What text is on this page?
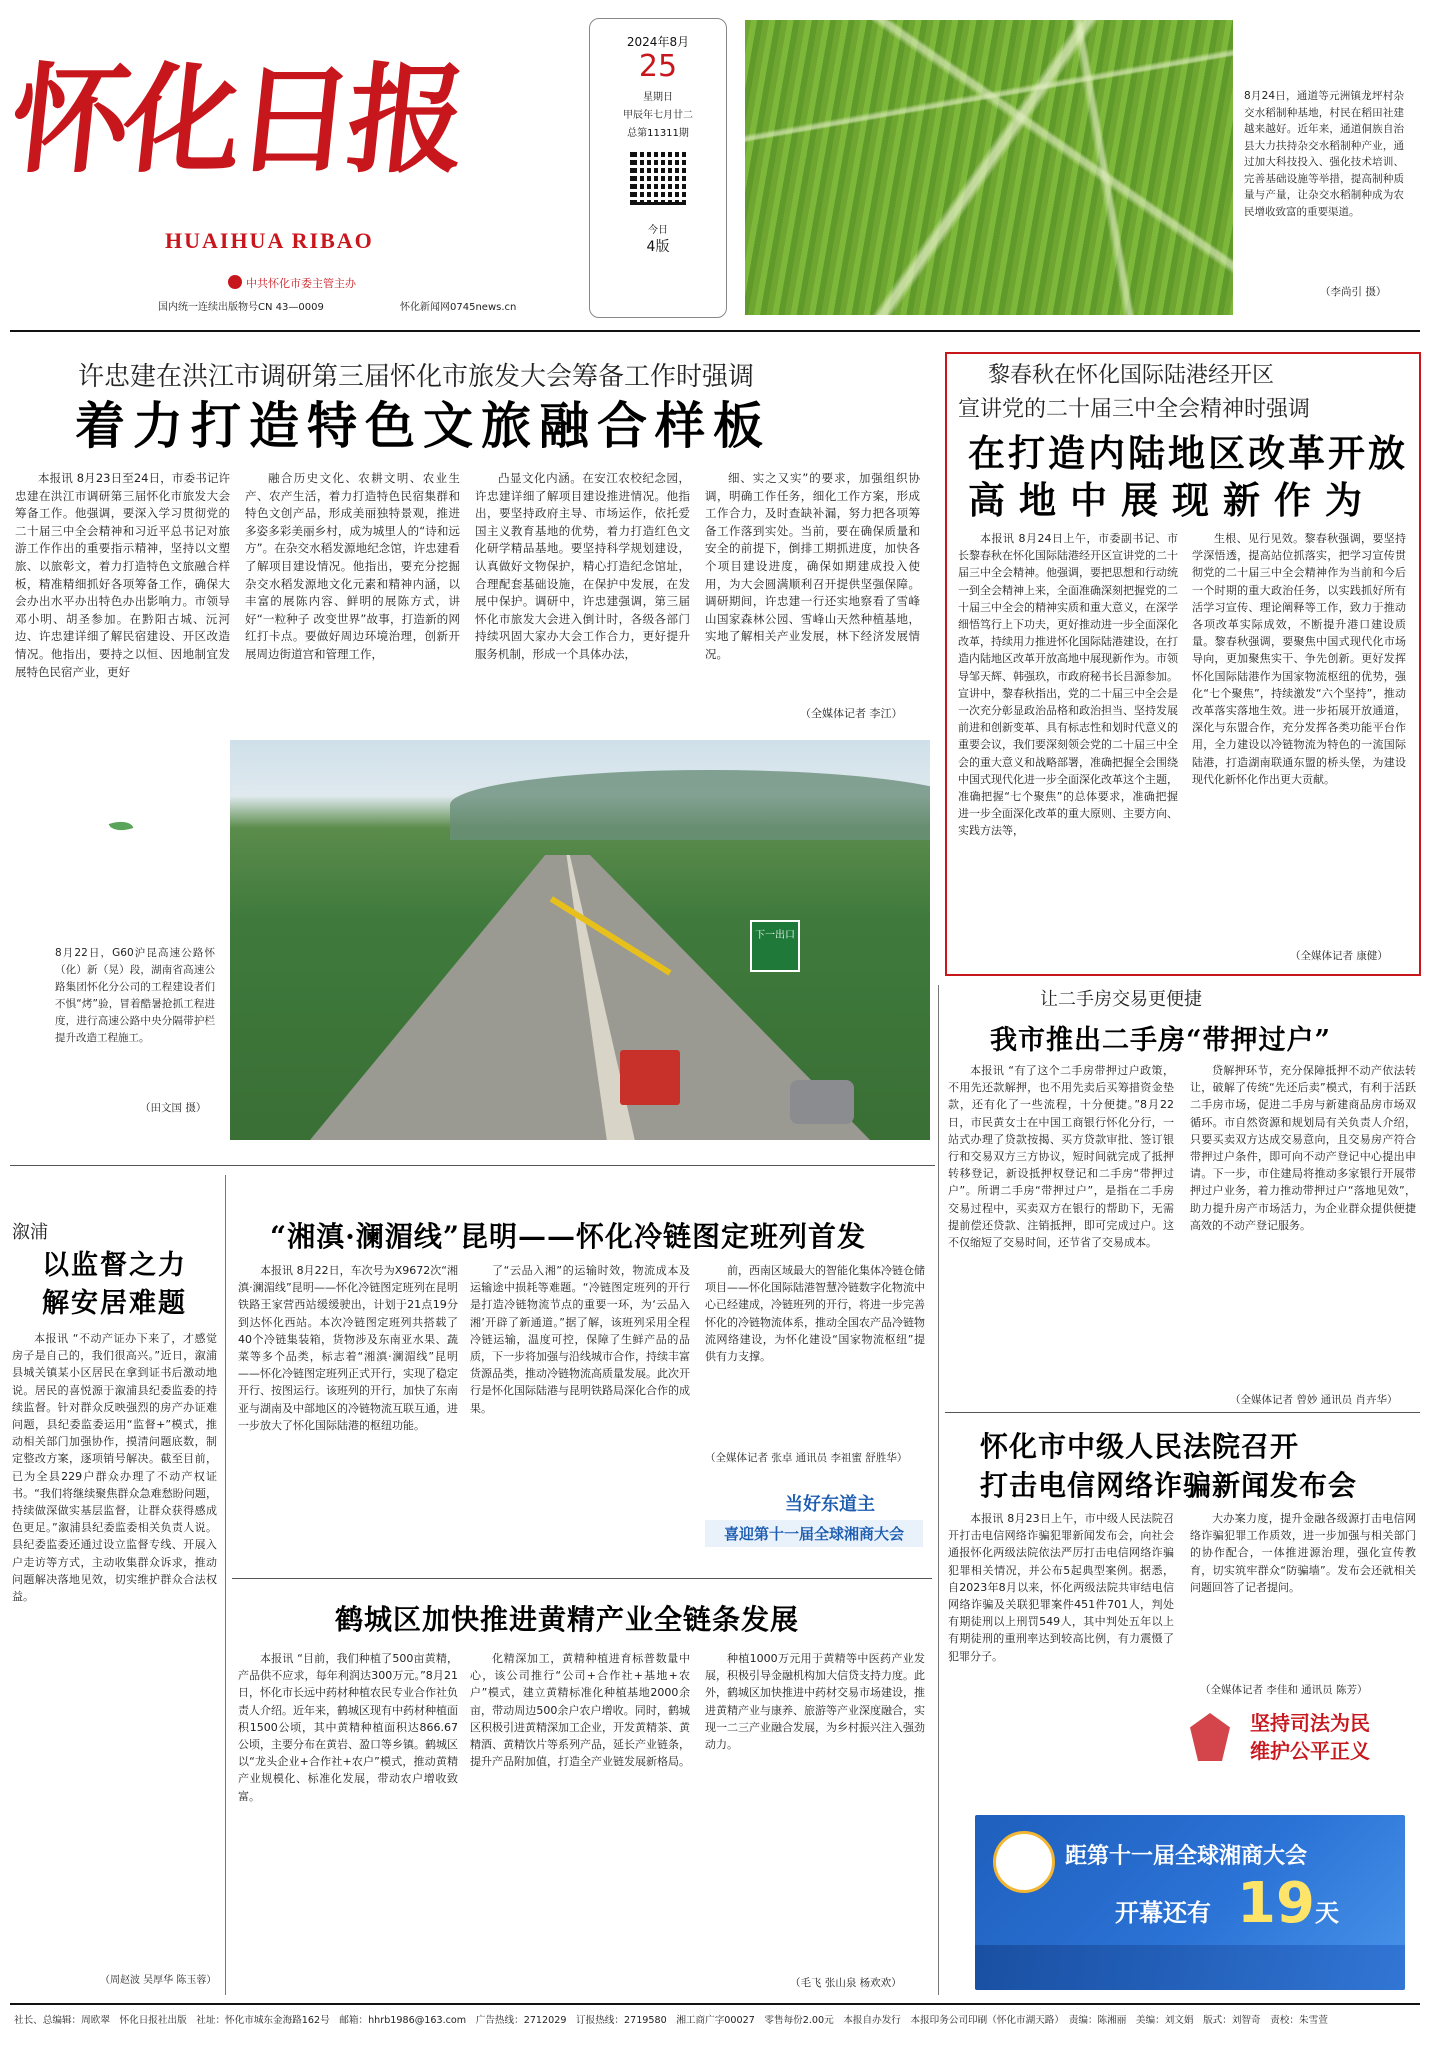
怀化日报
HUAIHUA RIBAO
中共怀化市委主管主办
国内统一连续出版物号CN 43—0009	怀化新闻网0745news.cn
2024年8月
25
星期日
甲辰年七月廿二
总第11311期
今日
4版
8月24日，通道等元洲镇龙坪村杂交水稻制种基地，村民在稻田社建越来越好。近年来，通道侗族自治县大力扶持杂交水稻制种产业，通过加大科技投入、强化技术培训、完善基础设施等举措，提高制种质量与产量，让杂交水稻制种成为农民增收致富的重要渠道。
（李尚引 摄）
许忠建在洪江市调研第三届怀化市旅发大会筹备工作时强调
着力打造特色文旅融合样板

本报讯 8月23日至24日，市委书记许忠建在洪江市调研第三届怀化市旅发大会筹备工作。他强调，要深入学习贯彻党的二十届三中全会精神和习近平总书记对旅游工作作出的重要指示精神，坚持以文塑旅、以旅彰文，着力打造特色文旅融合样板，精准精细抓好各项筹备工作，确保大会办出水平办出特色办出影响力。市领导邓小明、胡圣参加。在黔阳古城、沅河边、许忠建详细了解民宿建设、开区改造情况。他指出，要持之以恒、因地制宜发展特色民宿产业，更好

融合历史文化、农耕文明、农业生产、农产生活，着力打造特色民宿集群和特色文创产品，形成美丽独特景观，推进多姿多彩美丽乡村，成为城里人的“诗和远方”。在杂交水稻发源地纪念馆，许忠建看了解项目建设情况。他指出，要充分挖掘杂交水稻发源地文化元素和精神内涵，以丰富的展陈内容、鲜明的展陈方式，讲好“一粒种子 改变世界”故事，打造新的网红打卡点。要做好周边环境治理，创新开展周边街道宫和管理工作，

凸显文化内涵。在安江农校纪念园，许忠建详细了解项目建设推进情况。他指出，要坚持政府主导、市场运作，依托爱国主义教育基地的优势，着力打造红色文化研学精品基地。要坚持科学规划建设，认真做好文物保护，精心打造纪念馆址，合理配套基础设施，在保护中发展，在发展中保护。调研中，许忠建强调，第三届怀化市旅发大会进入倒计时，各级各部门持续巩固大家办大会工作合力，更好提升服务机制，形成一个具体办法，

细、实之又实”的要求，加强组织协调，明确工作任务，细化工作方案，形成工作合力，及时查缺补漏，努力把各项筹备工作落到实处。当前，要在确保质量和安全的前提下，倒排工期抓进度，加快各个项目建设进度，确保如期建成投入使用，为大会圆满顺利召开提供坚强保障。调研期间，许忠建一行还实地察看了雪峰山国家森林公园、雪峰山天然种植基地，实地了解相关产业发展，林下经济发展情况。

（全媒体记者 李江）
黎春秋在怀化国际陆港经开区
宣讲党的二十届三中全会精神时强调
在打造内陆地区改革开放
高地中展现新作为

本报讯 8月24日上午，市委副书记、市长黎春秋在怀化国际陆港经开区宣讲党的二十届三中全会精神。他强调，要把思想和行动统一到全会精神上来，全面准确深刻把握党的二十届三中全会的精神实质和重大意义，在深学细悟笃行上下功夫，更好推动进一步全面深化改革，持续用力推进怀化国际陆港建设，在打造内陆地区改革开放高地中展现新作为。市领导邹天辉、韩强玖，市政府秘书长吕源参加。宣讲中，黎春秋指出，党的二十届三中全会是一次充分彰显政治品格和政治担当、坚持发展前进和创新变革、具有标志性和划时代意义的重要会议，我们要深刻领会党的二十届三中全会的重大意义和战略部署，准确把握全会围绕中国式现代化进一步全面深化改革这个主题，准确把握“七个聚焦”的总体要求，准确把握进一步全面深化改革的重大原则、主要方向、实践方法等，

生根、见行见效。黎春秋强调，要坚持学深悟透，提高站位抓落实，把学习宣传贯彻党的二十届三中全会精神作为当前和今后一个时期的重大政治任务，以实践抓好所有活学习宣传、理论阐释等工作，致力于推动各项改革实际成效，不断提升港口建设质量。黎春秋强调，要聚焦中国式现代化市场导向，更加聚焦实干、争先创新。更好发挥怀化国际陆港作为国家物流枢纽的优势，强化“七个聚焦”，持续激发“六个坚持”，推动改革落实落地生效。进一步拓展开放通道，深化与东盟合作，充分发挥各类功能平台作用，全力建设以冷链物流为特色的一流国际陆港，打造湖南联通东盟的桥头堡，为建设现代化新怀化作出更大贡献。

（全媒体记者 康健）
下一出口
8月22日，G60沪昆高速公路怀（化）新（晃）段，湖南省高速公路集团怀化分公司的工程建设者们不惧“烤”验，冒着酷暑抢抓工程进度，进行高速公路中央分隔带护栏提升改造工程施工。
（田文国 摄）
让二手房交易更便捷
我市推出二手房“带押过户”

本报讯 “有了这个二手房带押过户政策，不用先还款解押，也不用先卖后买筹措资金垫款，还有化了一些流程，十分便捷。”8月22日，市民黄女士在中国工商银行怀化分行，一站式办理了贷款按揭、买方贷款审批、签订银行和交易双方三方协议，短时间就完成了抵押转移登记，新设抵押权登记和二手房“带押过户”。所谓二手房“带押过户”，是指在二手房交易过程中，买卖双方在银行的帮助下，无需提前偿还贷款、注销抵押，即可完成过户。这不仅缩短了交易时间，还节省了交易成本。

贷解押环节，充分保障抵押不动产依法转让，破解了传统“先还后卖”模式，有利于活跃二手房市场，促进二手房与新建商品房市场双循环。市自然资源和规划局有关负责人介绍，只要买卖双方达成交易意向，且交易房产符合带押过户条件，即可向不动产登记中心提出申请。下一步，市住建局将推动多家银行开展带押过户业务，着力推动带押过户“落地见效”，助力提升房产市场活力，为企业群众提供便捷高效的不动产登记服务。

（全媒体记者 曾妙 通讯员 肖卉华）
溆浦
以监督之力
解安居难题

本报讯 “不动产证办下来了，才感觉房子是自己的，我们很高兴。”近日，溆浦县城关镇某小区居民在拿到证书后激动地说。居民的喜悦源于溆浦县纪委监委的持续监督。针对群众反映强烈的房产办证难问题，县纪委监委运用“监督+”模式，推动相关部门加强协作，摸清问题底数，制定整改方案，逐项销号解决。截至目前，已为全县229户群众办理了不动产权证书。“我们将继续聚焦群众急难愁盼问题，持续做深做实基层监督，让群众获得感成色更足。”溆浦县纪委监委相关负责人说。县纪委监委还通过设立监督专线、开展入户走访等方式，主动收集群众诉求，推动问题解决落地见效，切实维护群众合法权益。

（周赵波 吴厚华 陈玉蓉）
“湘滇·澜湄线”昆明——怀化冷链图定班列首发

本报讯 8月22日，车次号为X9672次“湘滇·澜湄线”昆明——怀化冷链图定班列在昆明铁路王家营西站缓缓驶出，计划于21点19分到达怀化西站。本次冷链图定班列共搭载了40个冷链集装箱，货物涉及东南亚水果、蔬菜等多个品类，标志着“湘滇·澜湄线”昆明——怀化冷链图定班列正式开行，实现了稳定开行、按图运行。该班列的开行，加快了东南亚与湖南及中部地区的冷链物流互联互通，进一步放大了怀化国际陆港的枢纽功能。

了“云品入湘”的运输时效，物流成本及运输途中损耗等难题。“冷链图定班列的开行是打造冷链物流节点的重要一环，为‘云品入湘’开辟了新通道。”据了解，该班列采用全程冷链运输，温度可控，保障了生鲜产品的品质，下一步将加强与沿线城市合作，持续丰富货源品类，推动冷链物流高质量发展。此次开行是怀化国际陆港与昆明铁路局深化合作的成果。

前，西南区域最大的智能化集体冷链仓储项目——怀化国际陆港智慧冷链数字化物流中心已经建成，冷链班列的开行，将进一步完善怀化的冷链物流体系，推动全国农产品冷链物流网络建设，为怀化建设“国家物流枢纽”提供有力支撑。

（全媒体记者 张卓 通讯员 李祖蜜 舒胜华）
当好东道主
喜迎第十一届全球湘商大会
鹤城区加快推进黄精产业全链条发展

本报讯 “目前，我们种植了500亩黄精，产品供不应求，每年利润达300万元。”8月21日，怀化市长远中药材种植农民专业合作社负责人介绍。近年来，鹤城区现有中药材种植面积1500公顷，其中黄精种植面积达866.67公顷，主要分布在黄岩、盈口等乡镇。鹤城区以“龙头企业+合作社+农户”模式，推动黄精产业规模化、标准化发展，带动农户增收致富。

化精深加工，黄精种植进育标普数量中心，该公司推行“公司+合作社+基地+农户”模式，建立黄精标准化种植基地2000余亩，带动周边500余户农户增收。同时，鹤城区积极引进黄精深加工企业，开发黄精茶、黄精酒、黄精饮片等系列产品，延长产业链条，提升产品附加值，打造全产业链发展新格局。

种植1000万元用于黄精等中医药产业发展，积极引导金融机构加大信贷支持力度。此外，鹤城区加快推进中药材交易市场建设，推进黄精产业与康养、旅游等产业深度融合，实现一二三产业融合发展，为乡村振兴注入强劲动力。

（毛飞 张山泉 杨欢欢）
怀化市中级人民法院召开
打击电信网络诈骗新闻发布会

本报讯 8月23日上午，市中级人民法院召开打击电信网络诈骗犯罪新闻发布会，向社会通报怀化两级法院依法严厉打击电信网络诈骗犯罪相关情况，并公布5起典型案例。据悉，自2023年8月以来，怀化两级法院共审结电信网络诈骗及关联犯罪案件451件701人，判处有期徒刑以上刑罚549人，其中判处五年以上有期徒刑的重刑率达到较高比例，有力震慑了犯罪分子。

大办案力度，提升金融各级源打击电信网络诈骗犯罪工作质效，进一步加强与相关部门的协作配合，一体推进源治理，强化宣传教育，切实筑牢群众“防骗墙”。发布会还就相关问题回答了记者提问。

（全媒体记者 李佳和 通讯员 陈芳）
坚持司法为民
维护公平正义
距第十一届全球湘商大会
开幕还有 19 天
社长、总编辑：周欧翠　怀化日报社出版　社址：怀化市城东金海路162号　邮箱：hhrb1986@163.com　广告热线：2712029　订报热线：2719580　湘工商广字00027　零售每份2.00元　本报自办发行　本报印务公司印刷（怀化市湖天路）　责编：陈湘丽　美编：刘文娟　版式：刘智奇　责校：朱雪萱
